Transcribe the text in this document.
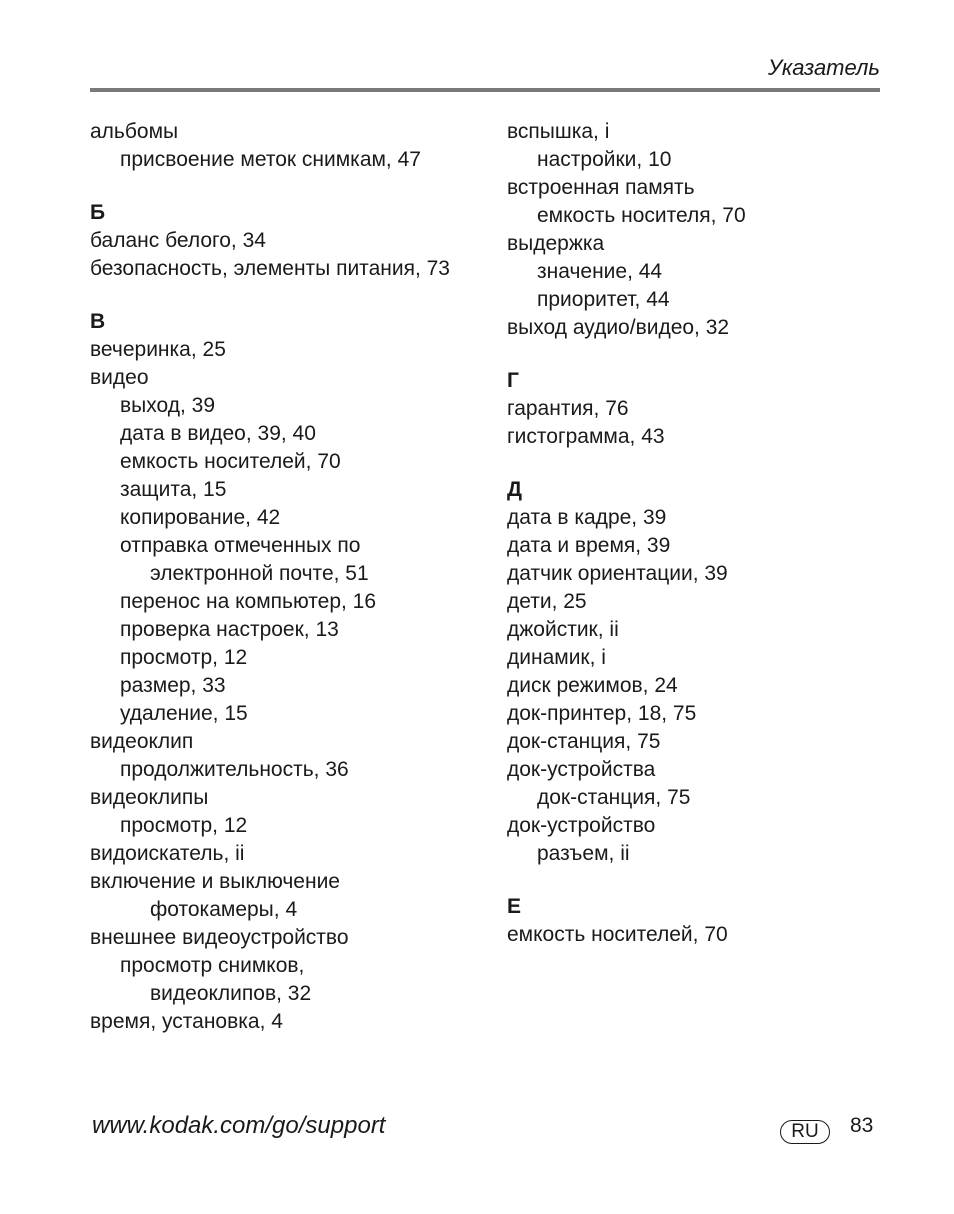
Указатель
альбомы
присвоение меток снимкам, 47
Б
баланс белого, 34
безопасность, элементы питания, 73
В
вечеринка, 25
видео
выход, 39
дата в видео, 39, 40
емкость носителей, 70
защита, 15
копирование, 42
отправка отмеченных по
электронной почте, 51
перенос на компьютер, 16
проверка настроек, 13
просмотр, 12
размер, 33
удаление, 15
видеоклип
продолжительность, 36
видеоклипы
просмотр, 12
видоискатель, ii
включение и выключение
фотокамеры, 4
внешнее видеоустройство
просмотр снимков,
видеоклипов, 32
время, установка, 4
вспышка, i
настройки, 10
встроенная память
емкость носителя, 70
выдержка
значение, 44
приоритет, 44
выход аудио/видео, 32
Г
гарантия, 76
гистограмма, 43
Д
дата в кадре, 39
дата и время, 39
датчик ориентации, 39
дети, 25
джойстик, ii
динамик, i
диск режимов, 24
док-принтер, 18, 75
док-станция, 75
док-устройства
док-станция, 75
док-устройство
разъем, ii
Е
емкость носителей, 70
www.kodak.com/go/support	RU	83
